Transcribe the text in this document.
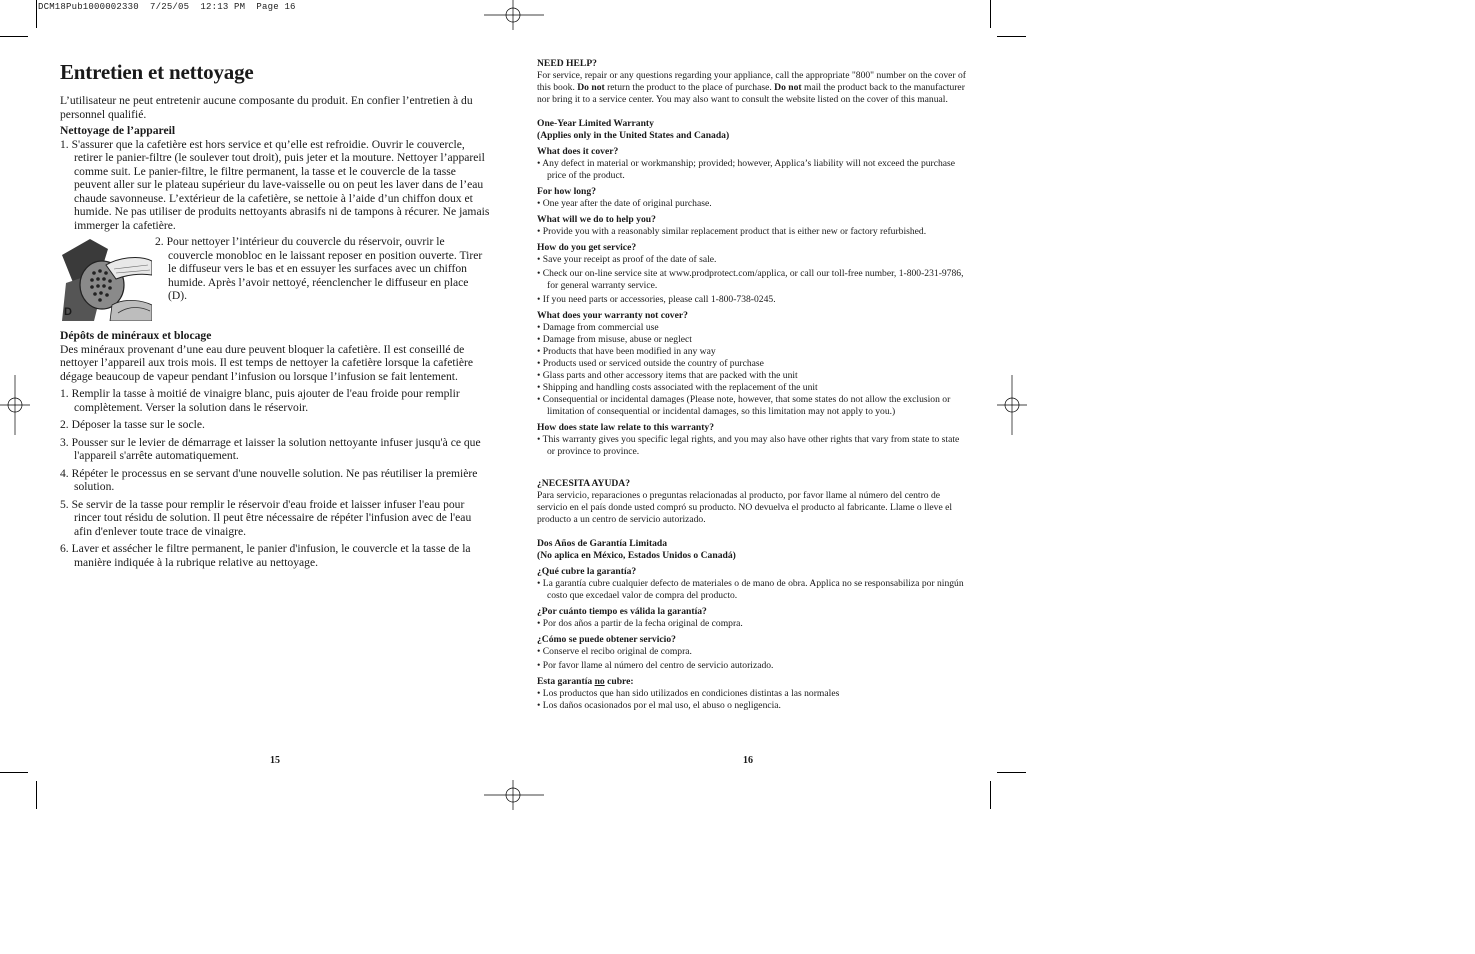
DCM18Pub1000002330  7/25/05  12:13 PM  Page 16
Entretien et nettoyage

L’utilisateur ne peut entretenir aucune composante du produit. En confier l’entretien à du personnel qualifié.

Nettoyage de l’appareil

1. S'assurer que la cafetière est hors service et qu’elle est refroidie. Ouvrir le couvercle, retirer le panier-filtre (le soulever tout droit), puis jeter et la mouture. Nettoyer l’appareil comme suit. Le panier-filtre, le filtre permanent, la tasse et le couvercle de la tasse peuvent aller sur le plateau supérieur du lave-vaisselle ou on peut les laver dans de l’eau chaude savonneuse. L’extérieur de la cafetière, se nettoie à l’aide d’un chiffon doux et humide. Ne pas utiliser de produits nettoyants abrasifs ni de tampons à récurer. Ne jamais immerger la cafetière.

D

2. Pour nettoyer l’intérieur du couvercle du réservoir, ouvrir le couvercle monobloc en le laissant reposer en position ouverte. Tirer le diffuseur vers le bas et en essuyer les surfaces avec un chiffon humide. Après l’avoir nettoyé, réenclencher le diffuseur en place (D).

Dépôts de minéraux et blocage

Des minéraux provenant d’une eau dure peuvent bloquer la cafetière. Il est conseillé de nettoyer l’appareil aux trois mois. Il est temps de nettoyer la cafetière lorsque la cafetière dégage beaucoup de vapeur pendant l’infusion ou lorsque l’infusion se fait lentement.

1. Remplir la tasse à moitié de vinaigre blanc, puis ajouter de l'eau froide pour remplir complètement. Verser la solution dans le réservoir.
2. Déposer la tasse sur le socle.
3. Pousser sur le levier de démarrage et laisser la solution nettoyante infuser jusqu'à ce que l'appareil s'arrête automatiquement.
4. Répéter le processus en se servant d'une nouvelle solution. Ne pas réutiliser la première solution.
5. Se servir de la tasse pour remplir le réservoir d'eau froide et laisser infuser l'eau pour rincer tout résidu de solution. Il peut être nécessaire de répéter l'infusion avec de l'eau afin d'enlever toute trace de vinaigre.
6. Laver et assécher le filtre permanent, le panier d'infusion, le couvercle et la tasse de la manière indiquée à la rubrique relative au nettoyage.
15

NEED HELP?

For service, repair or any questions regarding your appliance, call the appropriate "800" number on the cover of this book. Do not return the product to the place of purchase. Do not mail the product back to the manufacturer nor bring it to a service center. You may also want to consult the website listed on the cover of this manual.

One-Year Limited Warranty

(Applies only in the United States and Canada)

What does it cover?

• Any defect in material or workmanship; provided; however, Applica’s liability will not exceed the purchase price of the product.

For how long?

• One year after the date of original purchase.

What will we do to help you?

• Provide you with a reasonably similar replacement product that is either new or factory refurbished.

How do you get service?

• Save your receipt as proof of the date of sale.
• Check our on-line service site at www.prodprotect.com/applica, or call our toll-free number, 1-800-231-9786, for general warranty service.
• If you need parts or accessories, please call 1-800-738-0245.

What does your warranty not cover?

• Damage from commercial use
• Damage from misuse, abuse or neglect
• Products that have been modified in any way
• Products used or serviced outside the country of purchase
• Glass parts and other accessory items that are packed with the unit
• Shipping and handling costs associated with the replacement of the unit
• Consequential or incidental damages (Please note, however, that some states do not allow the exclusion or limitation of consequential or incidental damages, so this limitation may not apply to you.)

How does state law relate to this warranty?

• This warranty gives you specific legal rights, and you may also have other rights that vary from state to state or province to province.

¿NECESITA AYUDA?

Para servicio, reparaciones o preguntas relacionadas al producto, por favor llame al número del centro de servicio en el país donde usted compró su producto. NO devuelva el producto al fabricante. Llame o lleve el producto a un centro de servicio autorizado.

Dos Años de Garantía Limitada

(No aplica en México, Estados Unidos o Canadá)

¿Qué cubre la garantía?

• La garantía cubre cualquier defecto de materiales o de mano de obra. Applica no se responsabiliza por ningún costo que excedael valor de compra del producto.

¿Por cuánto tiempo es válida la garantía?

• Por dos años a partir de la fecha original de compra.

¿Cómo se puede obtener servicio?

• Conserve el recibo original de compra.
• Por favor llame al número del centro de servicio autorizado.

Esta garantía no cubre:

• Los productos que han sido utilizados en condiciones distintas a las normales
• Los daños ocasionados por el mal uso, el abuso o negligencia.
16
